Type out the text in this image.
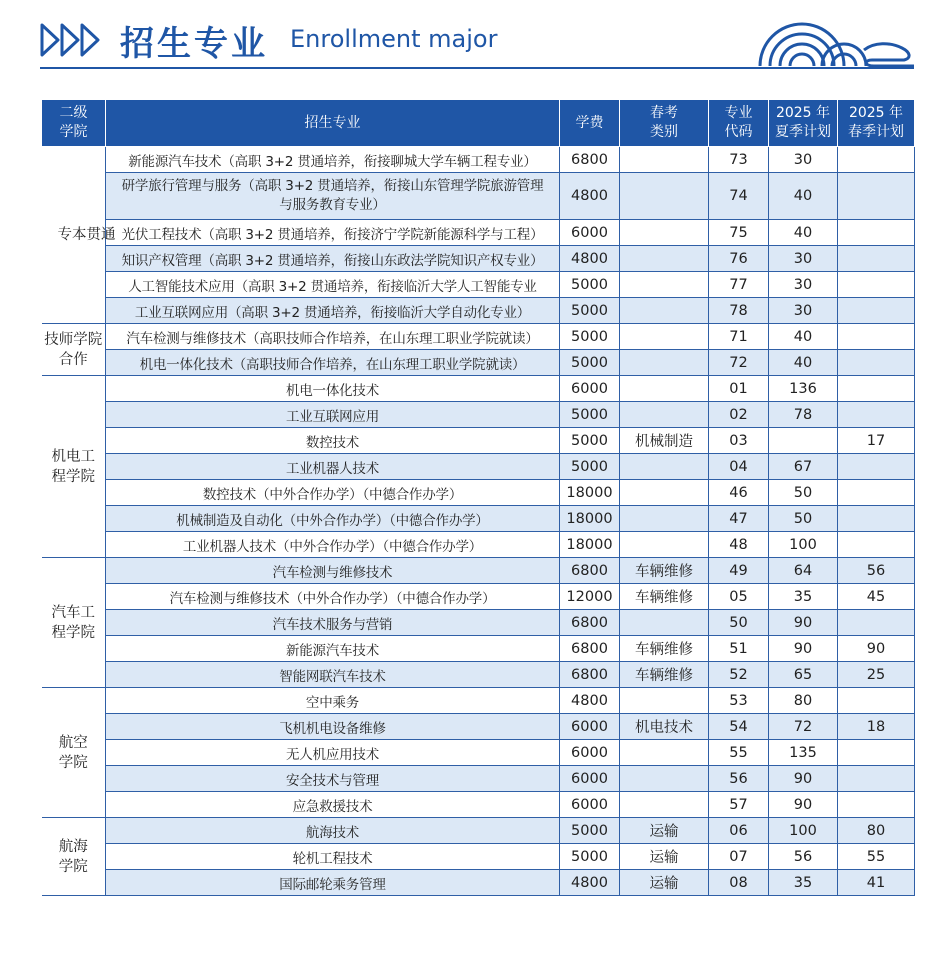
招生专业 Enrollment major
二级学院	招生专业	学费	春考类别	专业代码	2025 年夏季计划	2025 年春季计划
专本贯通	新能源汽车技术（高职 3+2 贯通培养，衔接聊城大学车辆工程专业）	6800		73	30	
	研学旅行管理与服务（高职 3+2 贯通培养，衔接山东管理学院旅游管理与服务教育专业）	4800		74	40	
	光伏工程技术（高职 3+2 贯通培养，衔接济宁学院新能源科学与工程）	6000		75	40	
	知识产权管理（高职 3+2 贯通培养，衔接山东政法学院知识产权专业）	4800		76	30	
	人工智能技术应用（高职 3+2 贯通培养，衔接临沂大学人工智能专业	5000		77	30	
	工业互联网应用（高职 3+2 贯通培养，衔接临沂大学自动化专业）	5000		78	30	
技师学院合作	汽车检测与维修技术（高职技师合作培养，在山东理工职业学院就读）	5000		71	40	
	机电一体化技术（高职技师合作培养，在山东理工职业学院就读）	5000		72	40	
机电工程学院	机电一体化技术	6000		01	136	
	工业互联网应用	5000		02	78	
	数控技术	5000	机械制造	03		17
	工业机器人技术	5000		04	67	
	数控技术（中外合作办学）（中德合作办学）	18000		46	50	
	机械制造及自动化（中外合作办学）（中德合作办学）	18000		47	50	
	工业机器人技术（中外合作办学）（中德合作办学）	18000		48	100	
汽车工程学院	汽车检测与维修技术	6800	车辆维修	49	64	56
	汽车检测与维修技术（中外合作办学）（中德合作办学）	12000	车辆维修	05	35	45
	汽车技术服务与营销	6800		50	90	
	新能源汽车技术	6800	车辆维修	51	90	90
	智能网联汽车技术	6800	车辆维修	52	65	25
航空学院	空中乘务	4800		53	80	
	飞机机电设备维修	6000	机电技术	54	72	18
	无人机应用技术	6000		55	135	
	安全技术与管理	6000		56	90	
	应急救援技术	6000		57	90	
航海学院	航海技术	5000	运输	06	100	80
	轮机工程技术	5000	运输	07	56	55
	国际邮轮乘务管理	4800	运输	08	35	41
